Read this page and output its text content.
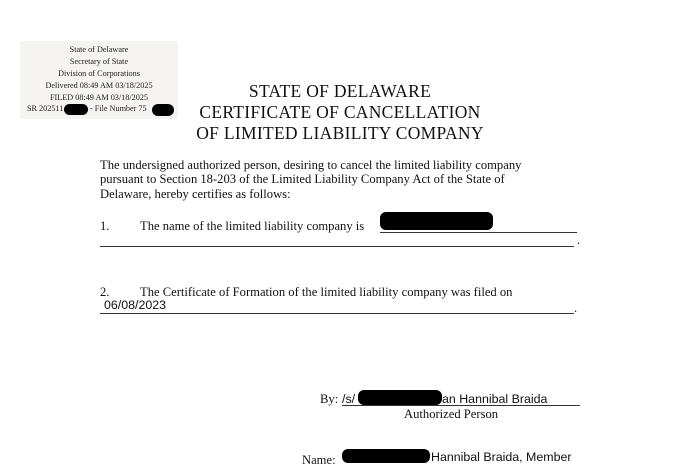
State of Delaware
Secretary of State
Division of Corporations
Delivered 08:49 AM 03/18/2025
FILED 08:49 AM 03/18/2025
SR 202511	- File Number 75
STATE OF DELAWARE
CERTIFICATE OF CANCELLATION
OF LIMITED LIABILITY COMPANY
The undersigned authorized person, desiring to cancel the limited liability company
pursuant to Section 18-203 of the Limited Liability Company Act of the State of
Delaware, hereby certifies as follows:
1. The name of the limited liability company is
.
2. The Certificate of Formation of the limited liability company was filed on
06/08/2023	.
By: /s/	an Hannibal Braida
Authorized Person
Name:	Hannibal Braida, Member
